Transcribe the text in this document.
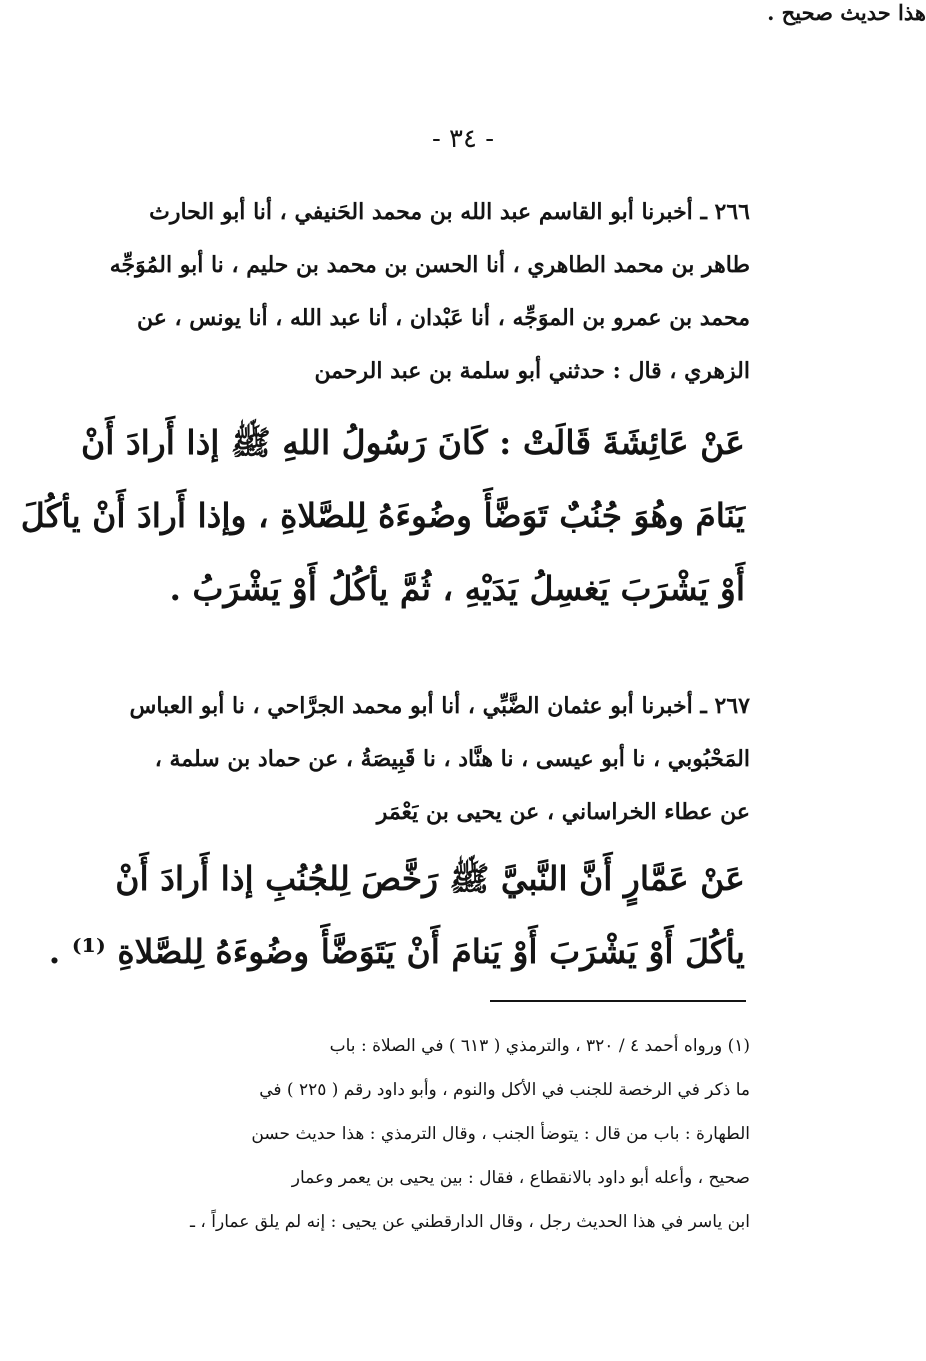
- ٣٤ -
٢٦٦ ـ أخبرنا أبو القاسم عبد الله بن محمد الحَنيفي ، أنا أبو الحارث
طاهر بن محمد الطاهري ، أنا الحسن بن محمد بن حليم ، نا أبو المُوَجِّه
محمد بن عمرو بن الموَجِّه ، أنا عَبْدان ، أنا عبد الله ، أنا يونس ، عن
الزهري ، قال : حدثني أبو سلمة بن عبد الرحمن
عَنْ عَائِشَةَ قَالَتْ : كَانَ رَسُولُ اللهِ ﷺ إذا أَرادَ أَنْ
يَنَامَ وهُوَ جُنُبٌ تَوَضَّأَ وضُوءَهُ لِلصَّلاةِ ، وإذا أَرادَ أَنْ يأكُلَ
أَوْ يَشْرَبَ يَغسِلُ يَدَيْهِ ، ثُمَّ يأكُلُ أَوْ يَشْرَبُ .
هذا حديث صحيح .
٢٦٧ ـ أخبرنا أبو عثمان الضَّبِّي ، أنا أبو محمد الجرَّاحي ، نا أبو العباس
المَحْبُوبي ، نا أبو عيسى ، نا هنَّاد ، نا قَبِيصَةُ ، عن حماد بن سلمة ،
عن عطاء الخراساني ، عن يحيى بن يَعْمَر
عَنْ عَمَّارٍ أَنَّ النَّبيَّ ﷺ رَخَّصَ لِلجُنُبِ إذا أَرادَ أَنْ
يأكُلَ أَوْ يَشْرَبَ أَوْ يَنامَ أَنْ يَتَوَضَّأَ وضُوءَهُ لِلصَّلاةِ ⁽¹⁾ .
(١) ورواه أحمد ٤ / ٣٢٠ ، والترمذي ( ٦١٣ ) في الصلاة : باب
ما ذكر في الرخصة للجنب في الأكل والنوم ، وأبو داود رقم ( ٢٢٥ ) في
الطهارة : باب من قال : يتوضأ الجنب ، وقال الترمذي : هذا حديث حسن
صحيح ، وأعله أبو داود بالانقطاع ، فقال : بين يحيى بن يعمر وعمار
ابن ياسر في هذا الحديث رجل ، وقال الدارقطني عن يحيى : إنه لم يلق عماراً ، ـ
